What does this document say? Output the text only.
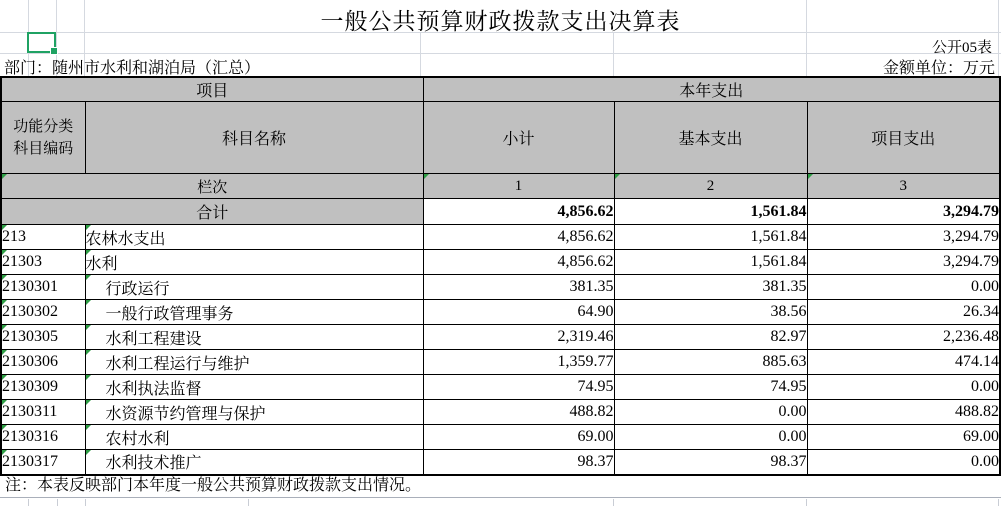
一般公共预算财政拨款支出决算表
公开05表
部门：随州市水利和湖泊局（汇总）	金额单位：万元
项目		本年支出		

功能分类
科目编码	科目名称	小计	基本支出	项目支出

栏次		1	2	3
合计		4,856.62	1,561.84	3,294.79

213	农林水支出	4,856.62	1,561.84	3,294.79

21303	水利	4,856.62	1,561.84	3,294.79

2130301	行政运行	381.35	381.35	0.00

2130302	一般行政管理事务	64.90	38.56	26.34

2130305	水利工程建设	2,319.46	82.97	2,236.48

2130306	水利工程运行与维护	1,359.77	885.63	474.14

2130309	水利执法监督	74.95	74.95	0.00

2130311	水资源节约管理与保护	488.82	0.00	488.82

2130316	农村水利	69.00	0.00	69.00

2130317	水利技术推广	98.37	98.37	0.00
注：本表反映部门本年度一般公共预算财政拨款支出情况。
